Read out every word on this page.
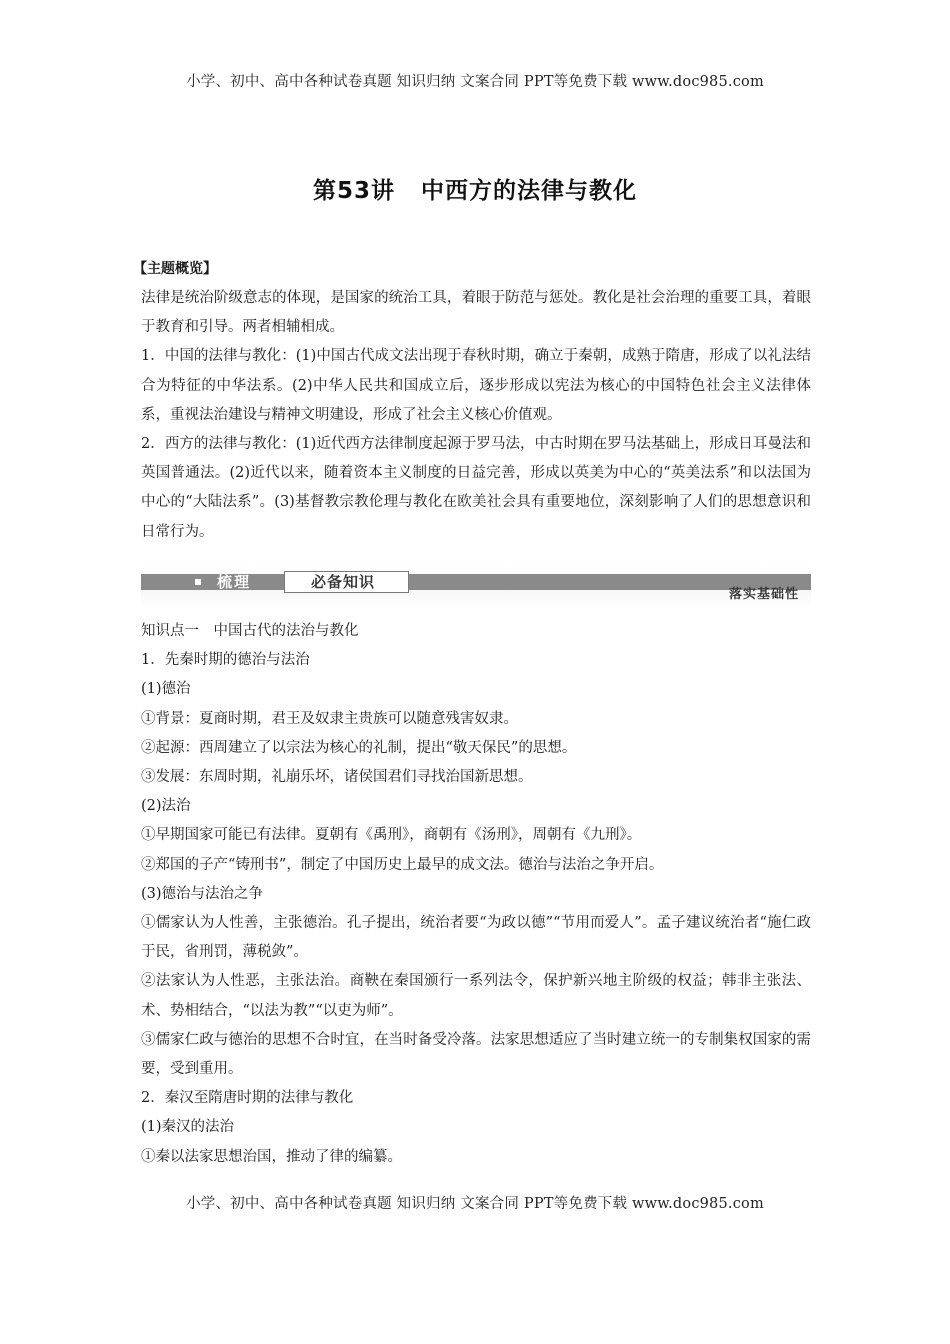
小学、初中、高中各种试卷真题 知识归纳 文案合同 PPT等免费下载 www.doc985.com
第53讲 中西方的法律与教化
【主题概览】
法律是统治阶级意志的体现，是国家的统治工具，着眼于防范与惩处。教化是社会治理的重要工具，着眼于教育和引导。两者相辅相成。
1．中国的法律与教化：(1)中国古代成文法出现于春秋时期，确立于秦朝，成熟于隋唐，形成了以礼法结合为特征的中华法系。(2)中华人民共和国成立后，逐步形成以宪法为核心的中国特色社会主义法律体系，重视法治建设与精神文明建设，形成了社会主义核心价值观。
2．西方的法律与教化：(1)近代西方法律制度起源于罗马法，中古时期在罗马法基础上，形成日耳曼法和英国普通法。(2)近代以来，随着资本主义制度的日益完善，形成以英美为中心的“英美法系”和以法国为中心的“大陆法系”。(3)基督教宗教伦理与教化在欧美社会具有重要地位，深刻影响了人们的思想意识和日常行为。
梳理	必备知识
落实基础性
知识点一　中国古代的法治与教化
1．先秦时期的德治与法治
(1)德治
①背景：夏商时期，君王及奴隶主贵族可以随意残害奴隶。
②起源：西周建立了以宗法为核心的礼制，提出“敬天保民”的思想。
③发展：东周时期，礼崩乐坏，诸侯国君们寻找治国新思想。
(2)法治
①早期国家可能已有法律。夏朝有《禹刑》，商朝有《汤刑》，周朝有《九刑》。
②郑国的子产“铸刑书”，制定了中国历史上最早的成文法。德治与法治之争开启。
(3)德治与法治之争
①儒家认为人性善，主张德治。孔子提出，统治者要“为政以德”“节用而爱人”。孟子建议统治者“施仁政于民，省刑罚，薄税敛”。
②法家认为人性恶，主张法治。商鞅在秦国颁行一系列法令，保护新兴地主阶级的权益；韩非主张法、术、势相结合，“以法为教”“以吏为师”。
③儒家仁政与德治的思想不合时宜，在当时备受冷落。法家思想适应了当时建立统一的专制集权国家的需要，受到重用。
2．秦汉至隋唐时期的法律与教化
(1)秦汉的法治
①秦以法家思想治国，推动了律的编纂。
小学、初中、高中各种试卷真题 知识归纳 文案合同 PPT等免费下载 www.doc985.com
